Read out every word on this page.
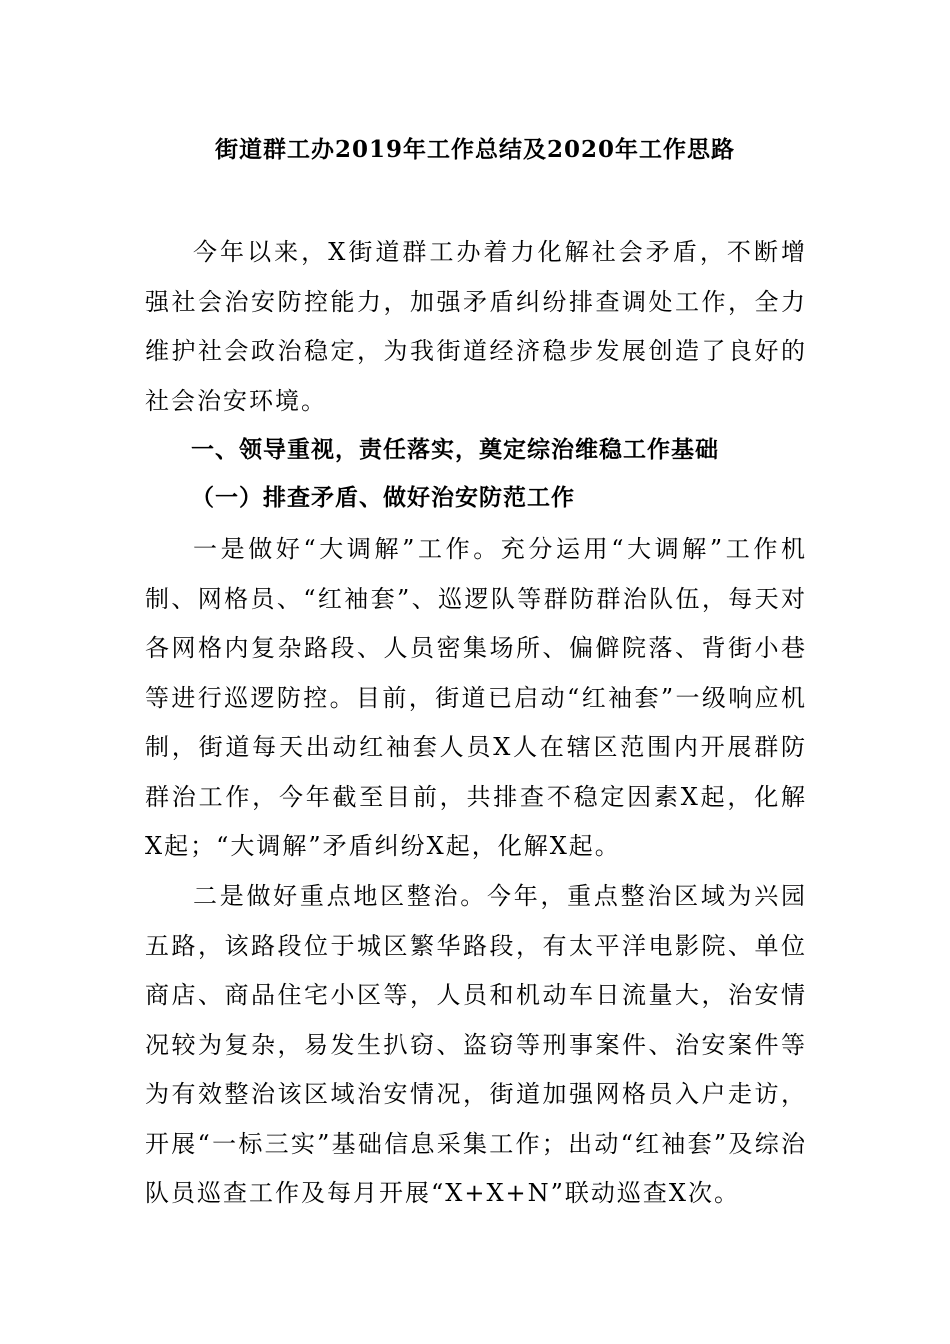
街道群工办2019年工作总结及2020年工作思路

今年以来，X街道群工办着力化解社会矛盾，不断增强社会治安防控能力，加强矛盾纠纷排查调处工作，全力维护社会政治稳定，为我街道经济稳步发展创造了良好的社会治安环境。

一、领导重视，责任落实，奠定综治维稳工作基础

（一）排查矛盾、做好治安防范工作

一是做好“大调解”工作。充分运用“大调解”工作机制、网格员、“红袖套”、巡逻队等群防群治队伍，每天对各网格内复杂路段、人员密集场所、偏僻院落、背街小巷等进行巡逻防控。目前，街道已启动“红袖套”一级响应机制，街道每天出动红袖套人员X人在辖区范围内开展群防群治工作，今年截至目前，共排查不稳定因素X起，化解X起；“大调解”矛盾纠纷X起，化解X起。

二是做好重点地区整治。今年，重点整治区域为兴园五路，该路段位于城区繁华路段，有太平洋电影院、单位商店、商品住宅小区等，人员和机动车日流量大，治安情况较为复杂，易发生扒窃、盗窃等刑事案件、治安案件等为有效整治该区域治安情况，街道加强网格员入户走访，开展“一标三实”基础信息采集工作；出动“红袖套”及综治队员巡查工作及每月开展“X+X+N”联动巡查X次。
